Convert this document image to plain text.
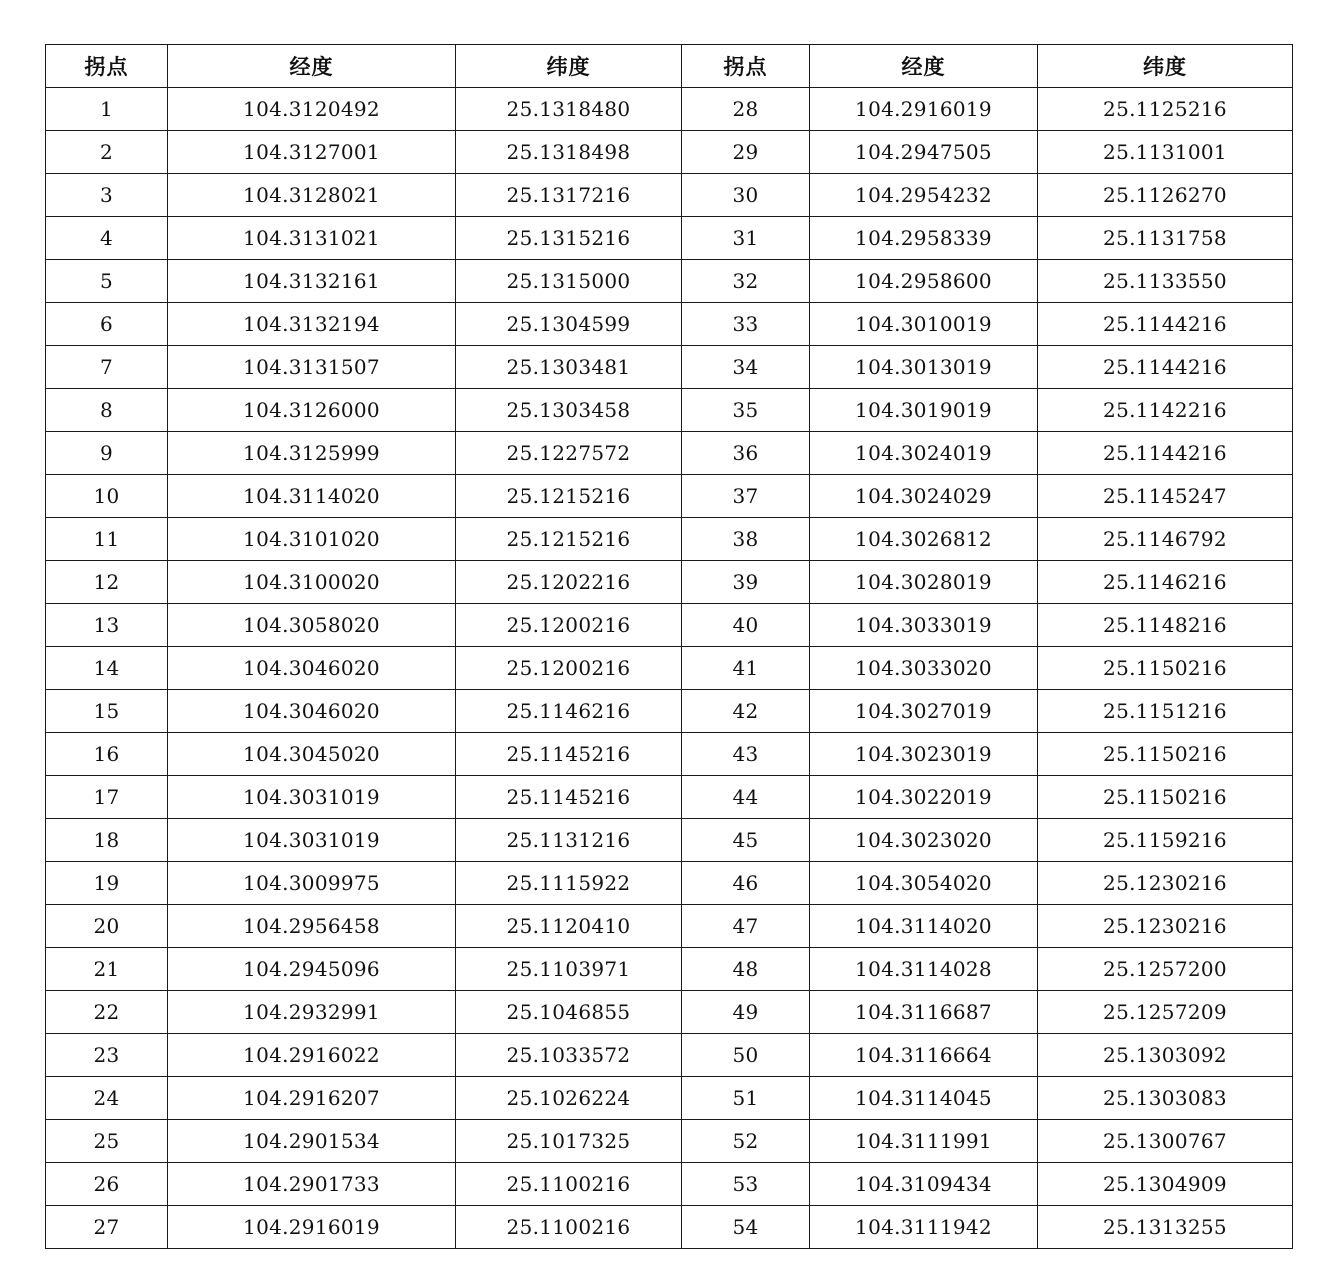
拐点	经度	纬度	拐点	经度	纬度
1	104.3120492	25.1318480	28	104.2916019	25.1125216
2	104.3127001	25.1318498	29	104.2947505	25.1131001
3	104.3128021	25.1317216	30	104.2954232	25.1126270
4	104.3131021	25.1315216	31	104.2958339	25.1131758
5	104.3132161	25.1315000	32	104.2958600	25.1133550
6	104.3132194	25.1304599	33	104.3010019	25.1144216
7	104.3131507	25.1303481	34	104.3013019	25.1144216
8	104.3126000	25.1303458	35	104.3019019	25.1142216
9	104.3125999	25.1227572	36	104.3024019	25.1144216
10	104.3114020	25.1215216	37	104.3024029	25.1145247
11	104.3101020	25.1215216	38	104.3026812	25.1146792
12	104.3100020	25.1202216	39	104.3028019	25.1146216
13	104.3058020	25.1200216	40	104.3033019	25.1148216
14	104.3046020	25.1200216	41	104.3033020	25.1150216
15	104.3046020	25.1146216	42	104.3027019	25.1151216
16	104.3045020	25.1145216	43	104.3023019	25.1150216
17	104.3031019	25.1145216	44	104.3022019	25.1150216
18	104.3031019	25.1131216	45	104.3023020	25.1159216
19	104.3009975	25.1115922	46	104.3054020	25.1230216
20	104.2956458	25.1120410	47	104.3114020	25.1230216
21	104.2945096	25.1103971	48	104.3114028	25.1257200
22	104.2932991	25.1046855	49	104.3116687	25.1257209
23	104.2916022	25.1033572	50	104.3116664	25.1303092
24	104.2916207	25.1026224	51	104.3114045	25.1303083
25	104.2901534	25.1017325	52	104.3111991	25.1300767
26	104.2901733	25.1100216	53	104.3109434	25.1304909
27	104.2916019	25.1100216	54	104.3111942	25.1313255
